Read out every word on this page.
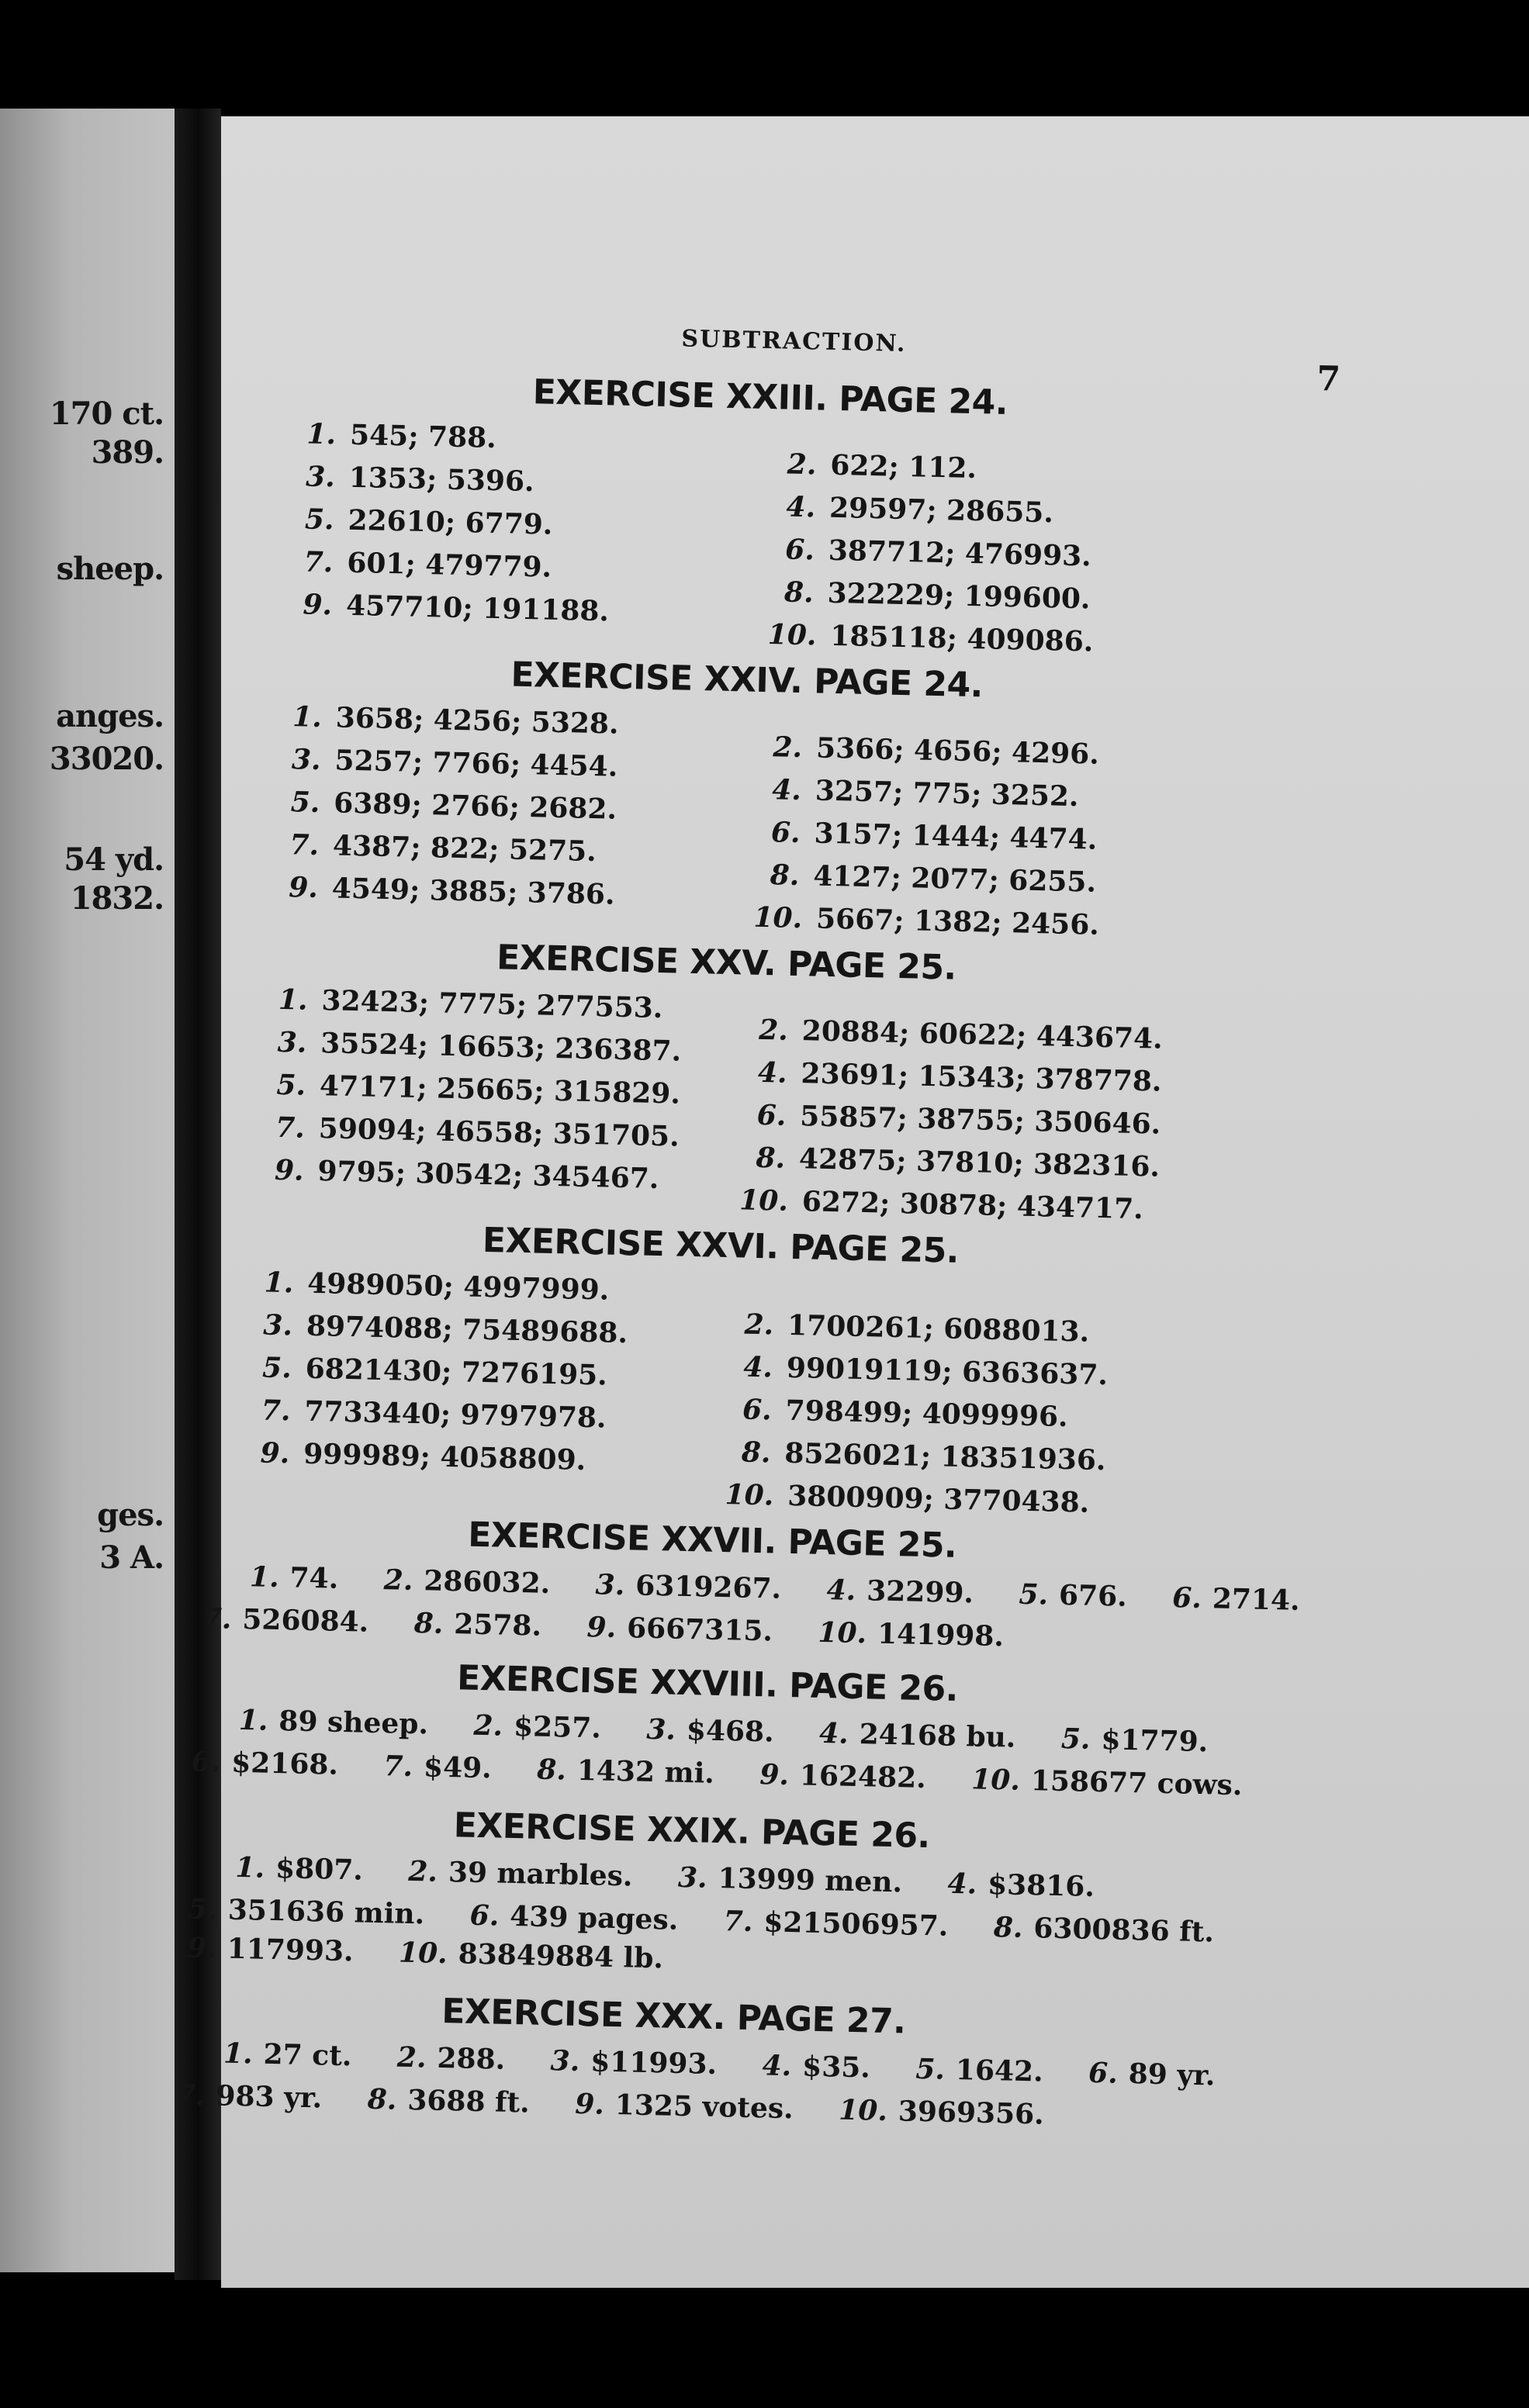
170 ct.
389.
sheep.
anges.
33020.
54 yd.
1832.
ges.
3 A.
SUBTRACTION.
7
EXERCISE XXIII. PAGE 24.
1. 545; 788.
2. 622; 112.
3. 1353; 5396.
4. 29597; 28655.
5. 22610; 6779.
6. 387712; 476993.
7. 601; 479779.
8. 322229; 199600.
9. 457710; 191188.
10. 185118; 409086.
EXERCISE XXIV. PAGE 24.
1. 3658; 4256; 5328.
2. 5366; 4656; 4296.
3. 5257; 7766; 4454.
4. 3257; 775; 3252.
5. 6389; 2766; 2682.
6. 3157; 1444; 4474.
7. 4387; 822; 5275.
8. 4127; 2077; 6255.
9. 4549; 3885; 3786.
10. 5667; 1382; 2456.
EXERCISE XXV. PAGE 25.
1. 32423; 7775; 277553.
2. 20884; 60622; 443674.
3. 35524; 16653; 236387.
4. 23691; 15343; 378778.
5. 47171; 25665; 315829.
6. 55857; 38755; 350646.
7. 59094; 46558; 351705.
8. 42875; 37810; 382316.
9. 9795; 30542; 345467.
10. 6272; 30878; 434717.
EXERCISE XXVI. PAGE 25.
1. 4989050; 4997999.
2. 1700261; 6088013.
3. 8974088; 75489688.
4. 99019119; 6363637.
5. 6821430; 7276195.
6. 798499; 4099996.
7. 7733440; 9797978.
8. 8526021; 18351936.
9. 999989; 4058809.
10. 3800909; 3770438.
EXERCISE XXVII. PAGE 25.
1. 74. 2. 286032. 3. 6319267. 4. 32299. 5. 676. 6. 2714.
7. 526084. 8. 2578. 9. 6667315. 10. 141998.
EXERCISE XXVIII. PAGE 26.
1. 89 sheep. 2. $257. 3. $468. 4. 24168 bu. 5. $1779.
6. $2168. 7. $49. 8. 1432 mi. 9. 162482. 10. 158677 cows.
EXERCISE XXIX. PAGE 26.
1. $807. 2. 39 marbles. 3. 13999 men. 4. $3816.
5. 351636 min. 6. 439 pages. 7. $21506957. 8. 6300836 ft.
9. 117993. 10. 83849884 lb.
EXERCISE XXX. PAGE 27.
1. 27 ct. 2. 288. 3. $11993. 4. $35. 5. 1642. 6. 89 yr.
7. 983 yr. 8. 3688 ft. 9. 1325 votes. 10. 3969356.
